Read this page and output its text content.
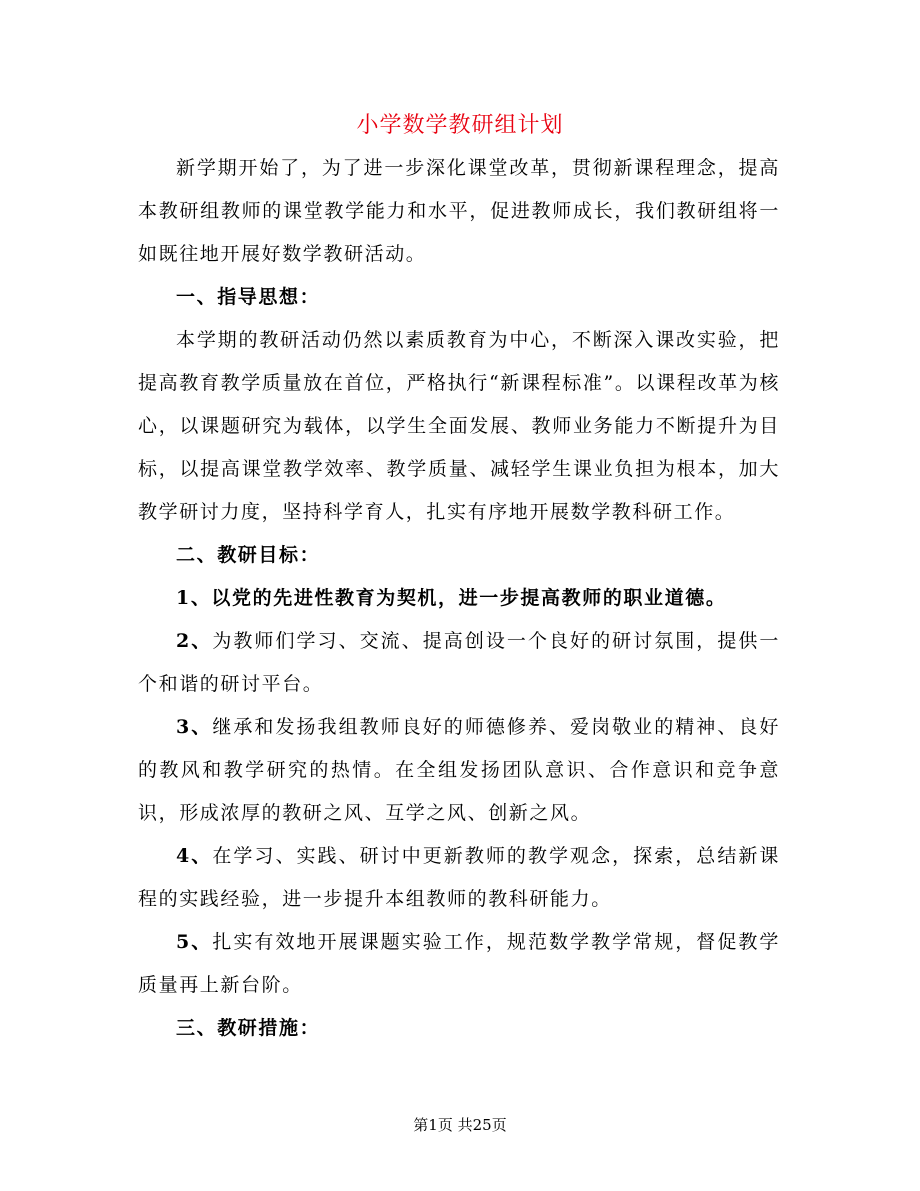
小学数学教研组计划

新学期开始了，为了进一步深化课堂改革，贯彻新课程理念，提高本教研组教师的课堂教学能力和水平，促进教师成长，我们教研组将一如既往地开展好数学教研活动。

一、指导思想：

本学期的教研活动仍然以素质教育为中心，不断深入课改实验，把提高教育教学质量放在首位，严格执行“新课程标准”。以课程改革为核心，以课题研究为载体，以学生全面发展、教师业务能力不断提升为目标，以提高课堂教学效率、教学质量、减轻学生课业负担为根本，加大教学研讨力度，坚持科学育人，扎实有序地开展数学教科研工作。

二、教研目标：

1、以党的先进性教育为契机，进一步提高教师的职业道德。

2、为教师们学习、交流、提高创设一个良好的研讨氛围，提供一个和谐的研讨平台。

3、继承和发扬我组教师良好的师德修养、爱岗敬业的精神、良好的教风和教学研究的热情。在全组发扬团队意识、合作意识和竞争意识，形成浓厚的教研之风、互学之风、创新之风。

4、在学习、实践、研讨中更新教师的教学观念，探索，总结新课程的实践经验，进一步提升本组教师的教科研能力。

5、扎实有效地开展课题实验工作，规范数学教学常规，督促教学质量再上新台阶。

三、教研措施：

第1页 共25页
